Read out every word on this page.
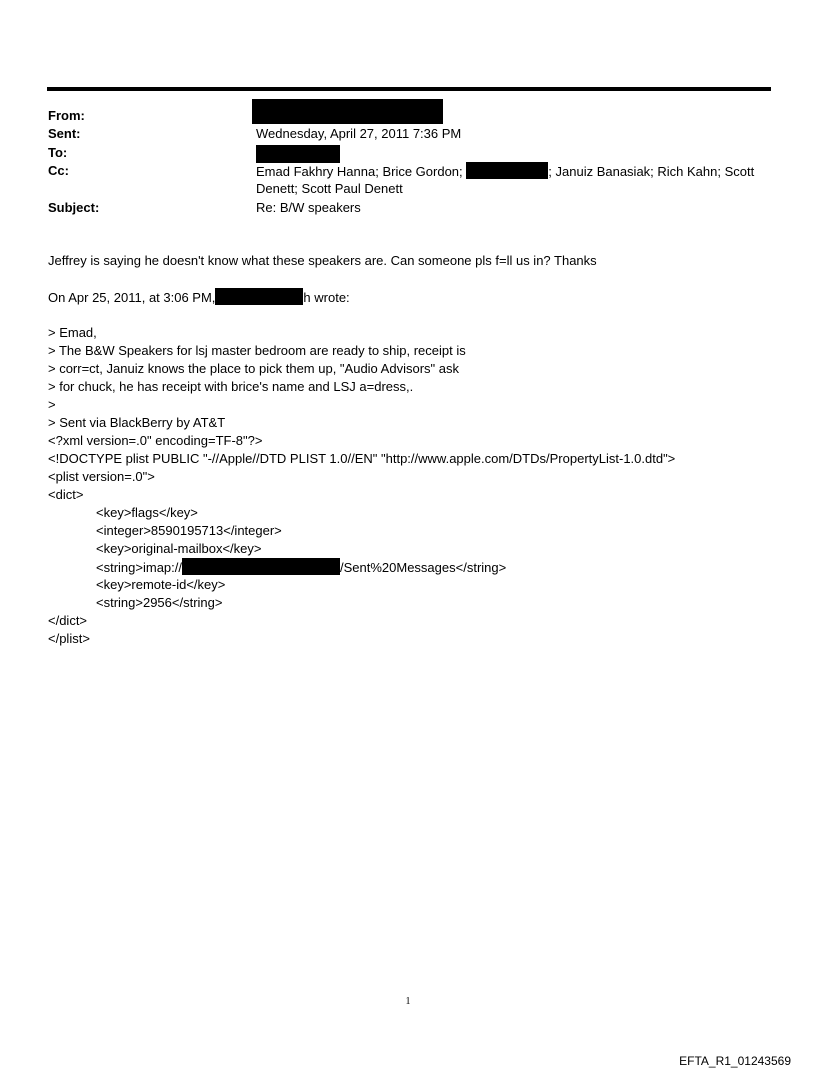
From:
Sent:	Wednesday, April 27, 2011 7:36 PM
To:
Cc:	Emad Fakhry Hanna; Brice Gordon;	; Januiz Banasiak; Rich Kahn; Scott
Denett; Scott Paul Denett
Subject:	Re: B/W speakers
Jeffrey is saying he doesn't know what these speakers are. Can someone pls f=ll us in? Thanks
On Apr 25, 2011, at 3:06 PM,	h wrote:
> Emad,
> The B&W Speakers for lsj master bedroom are ready to ship, receipt is
> corr=ct, Januiz knows the place to pick them up, "Audio Advisors" ask
> for chuck, he has receipt with brice's name and LSJ a=dress,.
>
> Sent via BlackBerry by AT&T
<?xml version=.0" encoding=TF-8"?>
<!DOCTYPE plist PUBLIC "-//Apple//DTD PLIST 1.0//EN" "http://www.apple.com/DTDs/PropertyList-1.0.dtd">
<plist version=.0">
<dict>
<key>flags</key>
<integer>8590195713</integer>
<key>original-mailbox</key>
<string>imap://	/Sent%20Messages</string>
<key>remote-id</key>
<string>2956</string>
</dict>
</plist>
1
EFTA_R1_01243569
